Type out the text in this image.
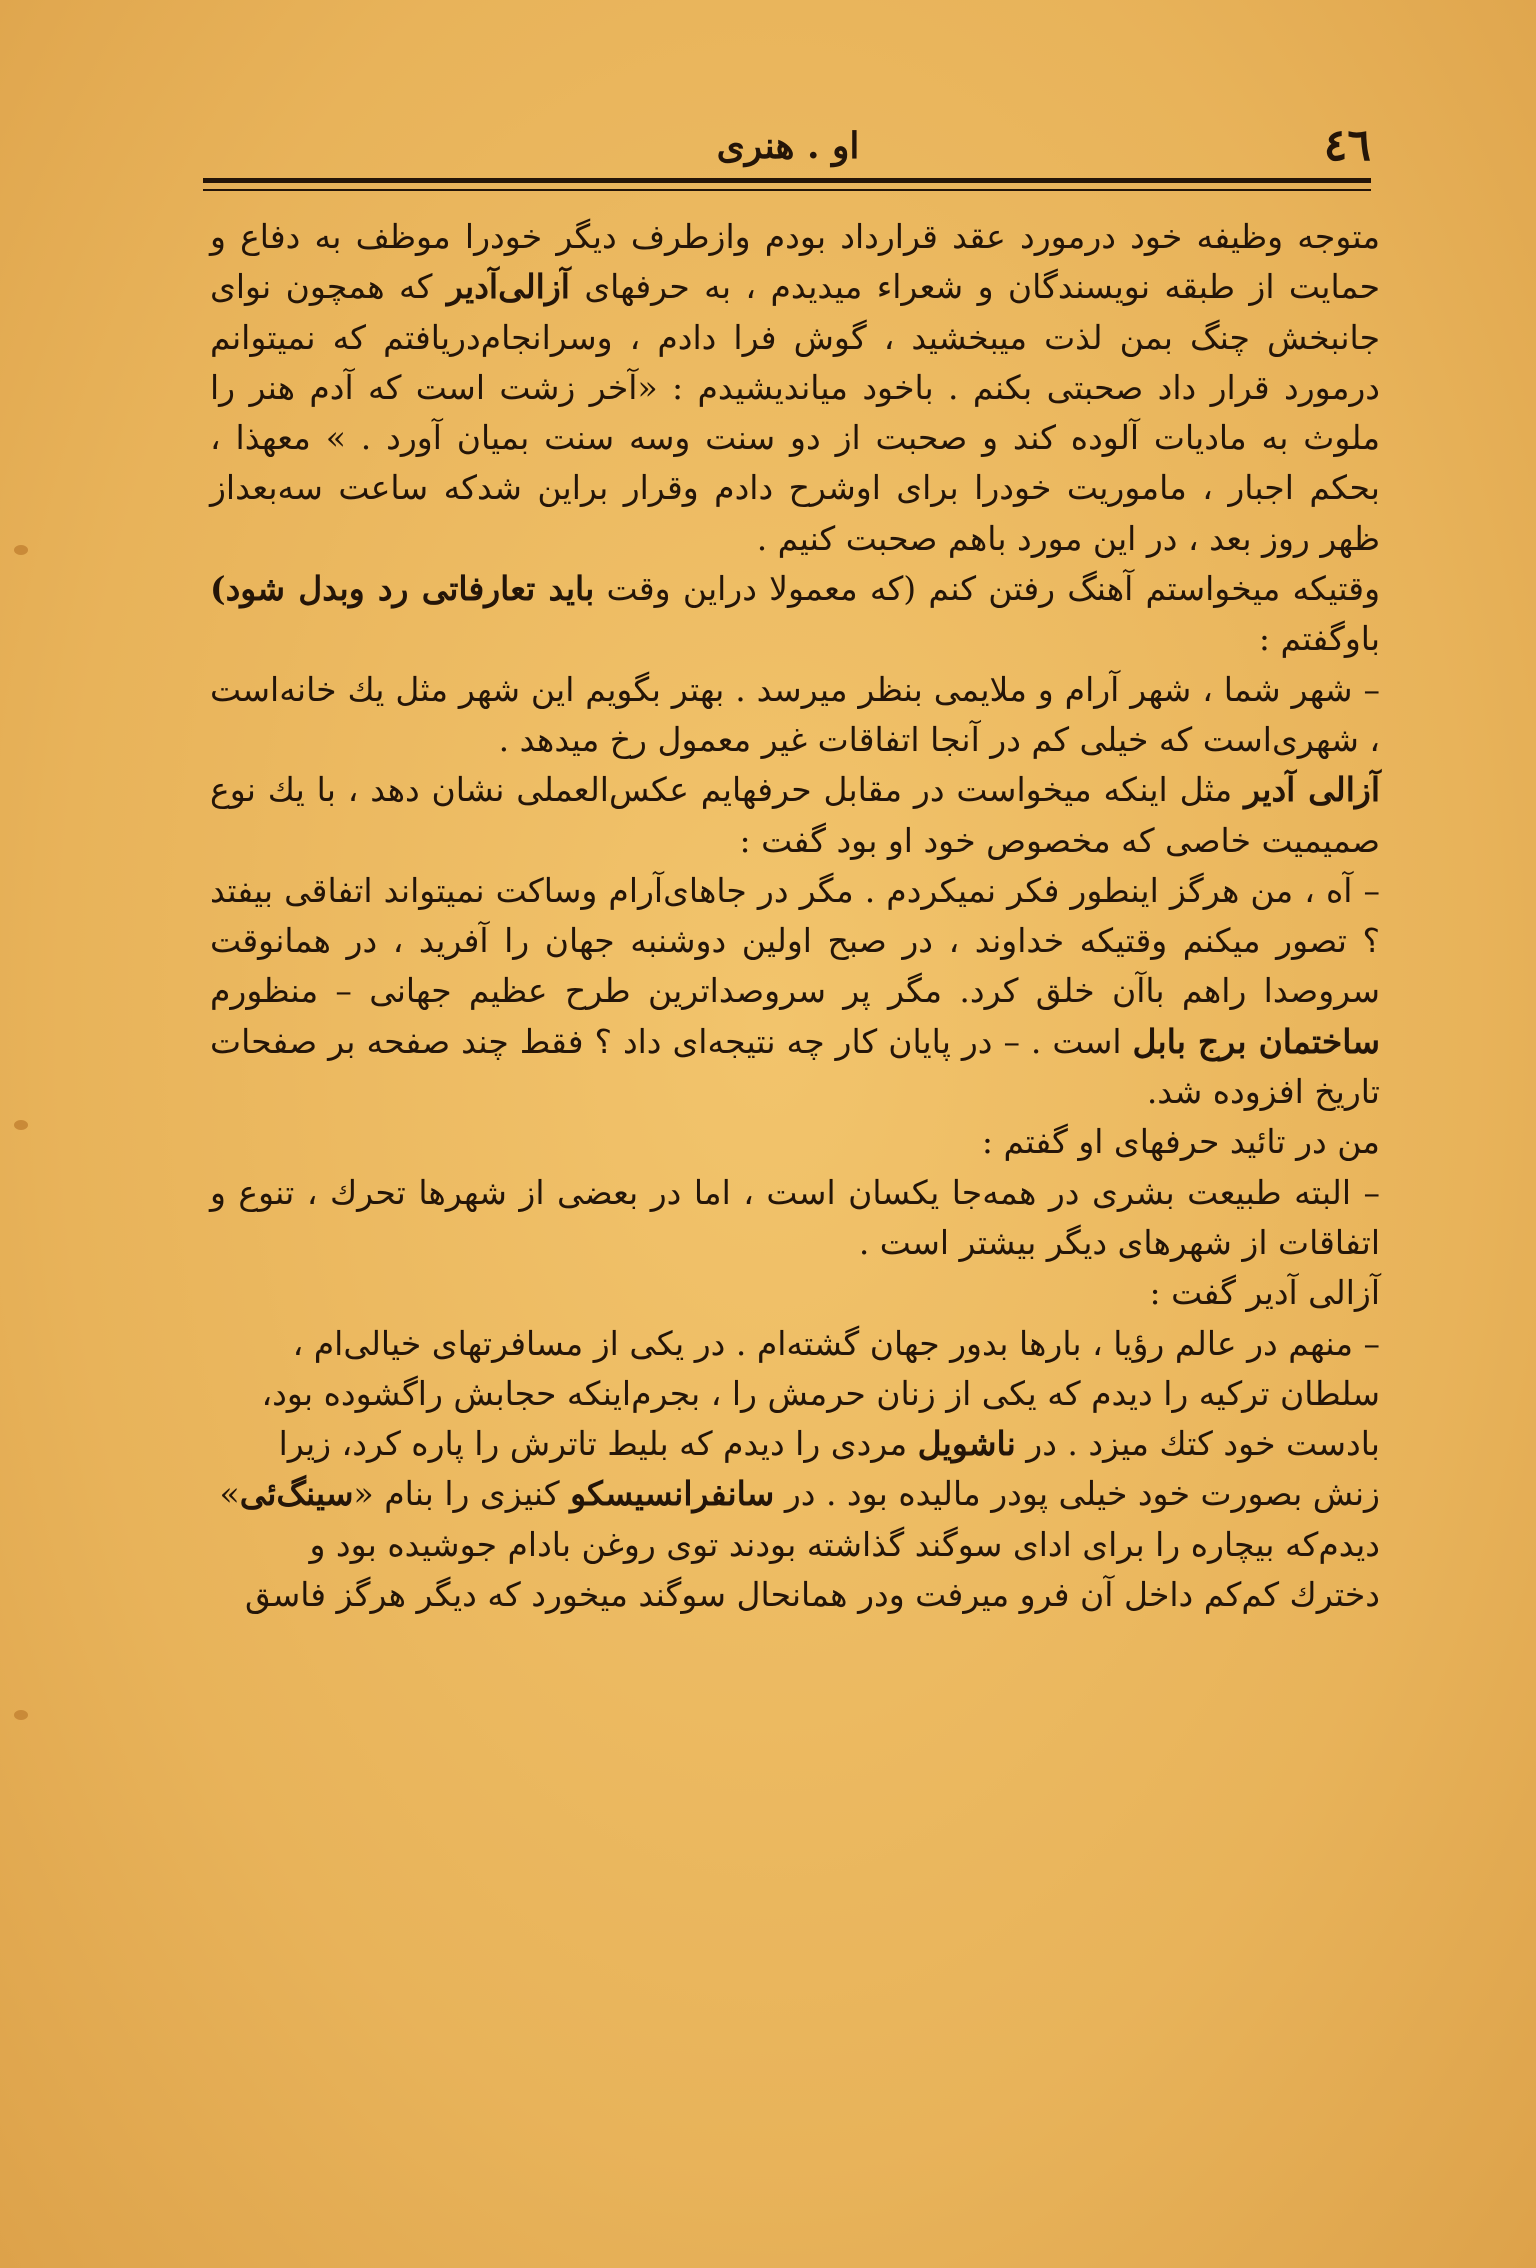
٤٦
او . هنری

متوجه وظیفه خود درمورد عقد قرارداد بودم وازطرف دیگر خودرا موظف به دفاع و حمایت از طبقه نویسندگان و شعراء میدیدم ، به حرفهای آزالی‌آدیر که همچون نوای جانبخش چنگ بمن لذت میبخشید ، گوش فرا دادم ، وسرانجام‌دریافتم که نمیتوانم درمورد قرار داد صحبتی بکنم . باخود میاندیشیدم : «آخر زشت است که آدم هنر را ملوث به مادیات آلوده کند و صحبت از دو سنت وسه سنت بمیان آورد . » معهذا ، بحکم اجبار ، ماموریت خودرا برای اوشرح دادم وقرار براین شدکه ساعت سه‌بعداز ظهر روز بعد ، در این مورد باهم صحبت کنیم .

وقتیکه میخواستم آهنگ رفتن کنم (که معمولا دراین وقت باید تعارفاتی رد وبدل شود) باوگفتم :

– شهر شما ، شهر آرام و ملایمی بنظر میرسد . بهتر بگویم این شهر مثل یك خانه‌است ، شهری‌است که خیلی کم در آنجا اتفاقات غیر معمول رخ میدهد .

آزالی آدیر مثل اینکه میخواست در مقابل حرفهایم عکس‌العملی نشان دهد ، با یك نوع صمیمیت خاصی که مخصوص خود او بود گفت :

– آه ، من هرگز اینطور فکر نمیکردم . مگر در جاهای‌آرام وساکت نمیتواند اتفاقی بیفتد ؟ تصور میکنم وقتیکه خداوند ، در صبح اولین دوشنبه جهان را آفرید ، در همانوقت سروصدا راهم باآن خلق کرد. مگر پر سروصداترین طرح عظیم جهانی – منظورم ساختمان برج بابل است . – در پایان کار چه نتیجه‌ای داد ؟ فقط چند صفحه بر صفحات تاریخ افزوده شد.

من در تائید حرفهای او گفتم :

– البته طبیعت بشری در همه‌جا یکسان است ، اما در بعضی از شهرها تحرك ، تنوع و اتفاقات از شهرهای دیگر بیشتر است .

آزالی آدیر گفت :

– منهم در عالم رؤیا ، بارها بدور جهان گشته‌ام . در یکی از مسافرتهای خیالی‌ام ، سلطان ترکیه را دیدم که یکی از زنان حرمش را ، بجرم‌اینکه حجابش راگشوده بود، بادست خود کتك میزد . در ناشویل مردی را دیدم که بلیط تاترش را پاره کرد، زیرا زنش بصورت خود خیلی پودر مالیده بود . در سانفرانسیسکو کنیزی را بنام «سینگ‌ئی» دیدم‌که بیچاره را برای ادای سوگند گذاشته بودند توی روغن بادام جوشیده بود و دخترك کم‌کم داخل آن فرو میرفت ودر همانحال سوگند میخورد که دیگر هرگز فاسق
